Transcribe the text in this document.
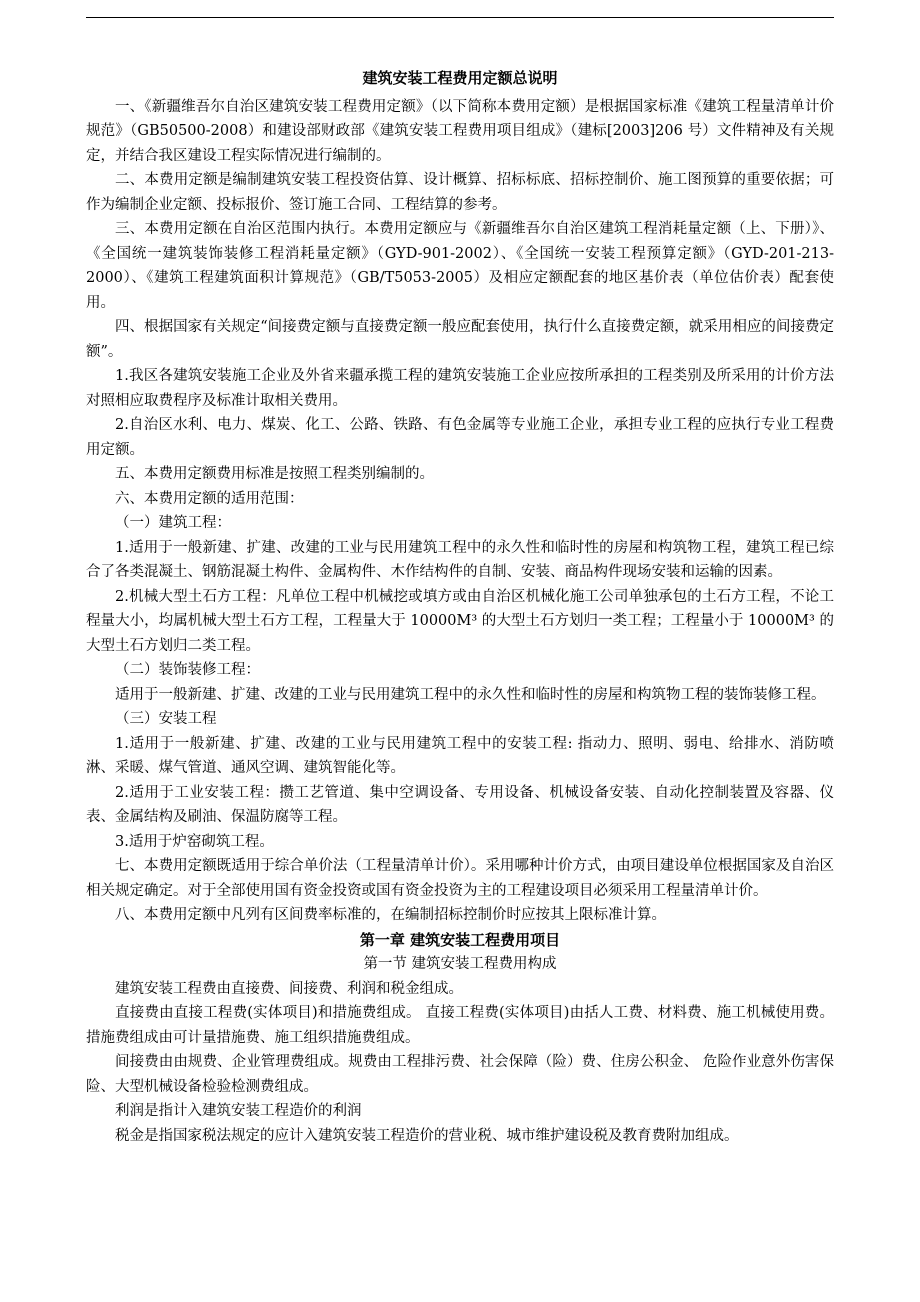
建筑安装工程费用定额总说明

一、《新疆维吾尔自治区建筑安装工程费用定额》（以下简称本费用定额）是根据国家标准《建筑工程量清单计价规范》（GB50500-2008）和建设部财政部《建筑安装工程费用项目组成》（建标[2003]206 号）文件精神及有关规定，并结合我区建设工程实际情况进行编制的。

二、本费用定额是编制建筑安装工程投资估算、设计概算、招标标底、招标控制价、施工图预算的重要依据；可作为编制企业定额、投标报价、签订施工合同、工程结算的参考。

三、本费用定额在自治区范围内执行。本费用定额应与《新疆维吾尔自治区建筑工程消耗量定额（上、下册）》、《全国统一建筑装饰装修工程消耗量定额》（GYD-901-2002）、《全国统一安装工程预算定额》（GYD-201-213-2000）、《建筑工程建筑面积计算规范》（GB/T5053-2005）及相应定额配套的地区基价表（单位估价表）配套使用。

四、根据国家有关规定“间接费定额与直接费定额一般应配套使用，执行什么直接费定额，就采用相应的间接费定额”。

1.我区各建筑安装施工企业及外省来疆承揽工程的建筑安装施工企业应按所承担的工程类别及所采用的计价方法对照相应取费程序及标准计取相关费用。

2.自治区水利、电力、煤炭、化工、公路、铁路、有色金属等专业施工企业，承担专业工程的应执行专业工程费用定额。

五、本费用定额费用标准是按照工程类别编制的。

六、本费用定额的适用范围：

（一）建筑工程：

1.适用于一般新建、扩建、改建的工业与民用建筑工程中的永久性和临时性的房屋和构筑物工程，建筑工程已综合了各类混凝土、钢筋混凝土构件、金属构件、木作结构件的自制、安装、商品构件现场安装和运输的因素。

2.机械大型土石方工程：凡单位工程中机械挖或填方或由自治区机械化施工公司单独承包的土石方工程，不论工程量大小，均属机械大型土石方工程，工程量大于 10000M³ 的大型土石方划归一类工程；工程量小于 10000M³ 的大型土石方划归二类工程。

（二）装饰装修工程：

适用于一般新建、扩建、改建的工业与民用建筑工程中的永久性和临时性的房屋和构筑物工程的装饰装修工程。

（三）安装工程

1.适用于一般新建、扩建、改建的工业与民用建筑工程中的安装工程: 指动力、照明、弱电、给排水、消防喷淋、采暖、煤气管道、通风空调、建筑智能化等。

2.适用于工业安装工程：攒工艺管道、集中空调设备、专用设备、机械设备安装、自动化控制装置及容器、仪表、金属结构及刷油、保温防腐等工程。

3.适用于炉窑砌筑工程。

七、本费用定额既适用于综合单价法（工程量清单计价）。采用哪种计价方式，由项目建设单位根据国家及自治区相关规定确定。对于全部使用国有资金投资或国有资金投资为主的工程建设项目必须采用工程量清单计价。

八、本费用定额中凡列有区间费率标准的，在编制招标控制价时应按其上限标准计算。

第一章 建筑安装工程费用项目
第一节 建筑安装工程费用构成

建筑安装工程费由直接费、间接费、利润和税金组成。

直接费由直接工程费(实体项目)和措施费组成。 直接工程费(实体项目)由括人工费、材料费、施工机械使用费。 措施费组成由可计量措施费、施工组织措施费组成。

间接费由由规费、企业管理费组成。规费由工程排污费、社会保障（险）费、住房公积金、 危险作业意外伤害保险、大型机械设备检验检测费组成。

利润是指计入建筑安装工程造价的利润

税金是指国家税法规定的应计入建筑安装工程造价的营业税、城市维护建设税及教育费附加组成。
